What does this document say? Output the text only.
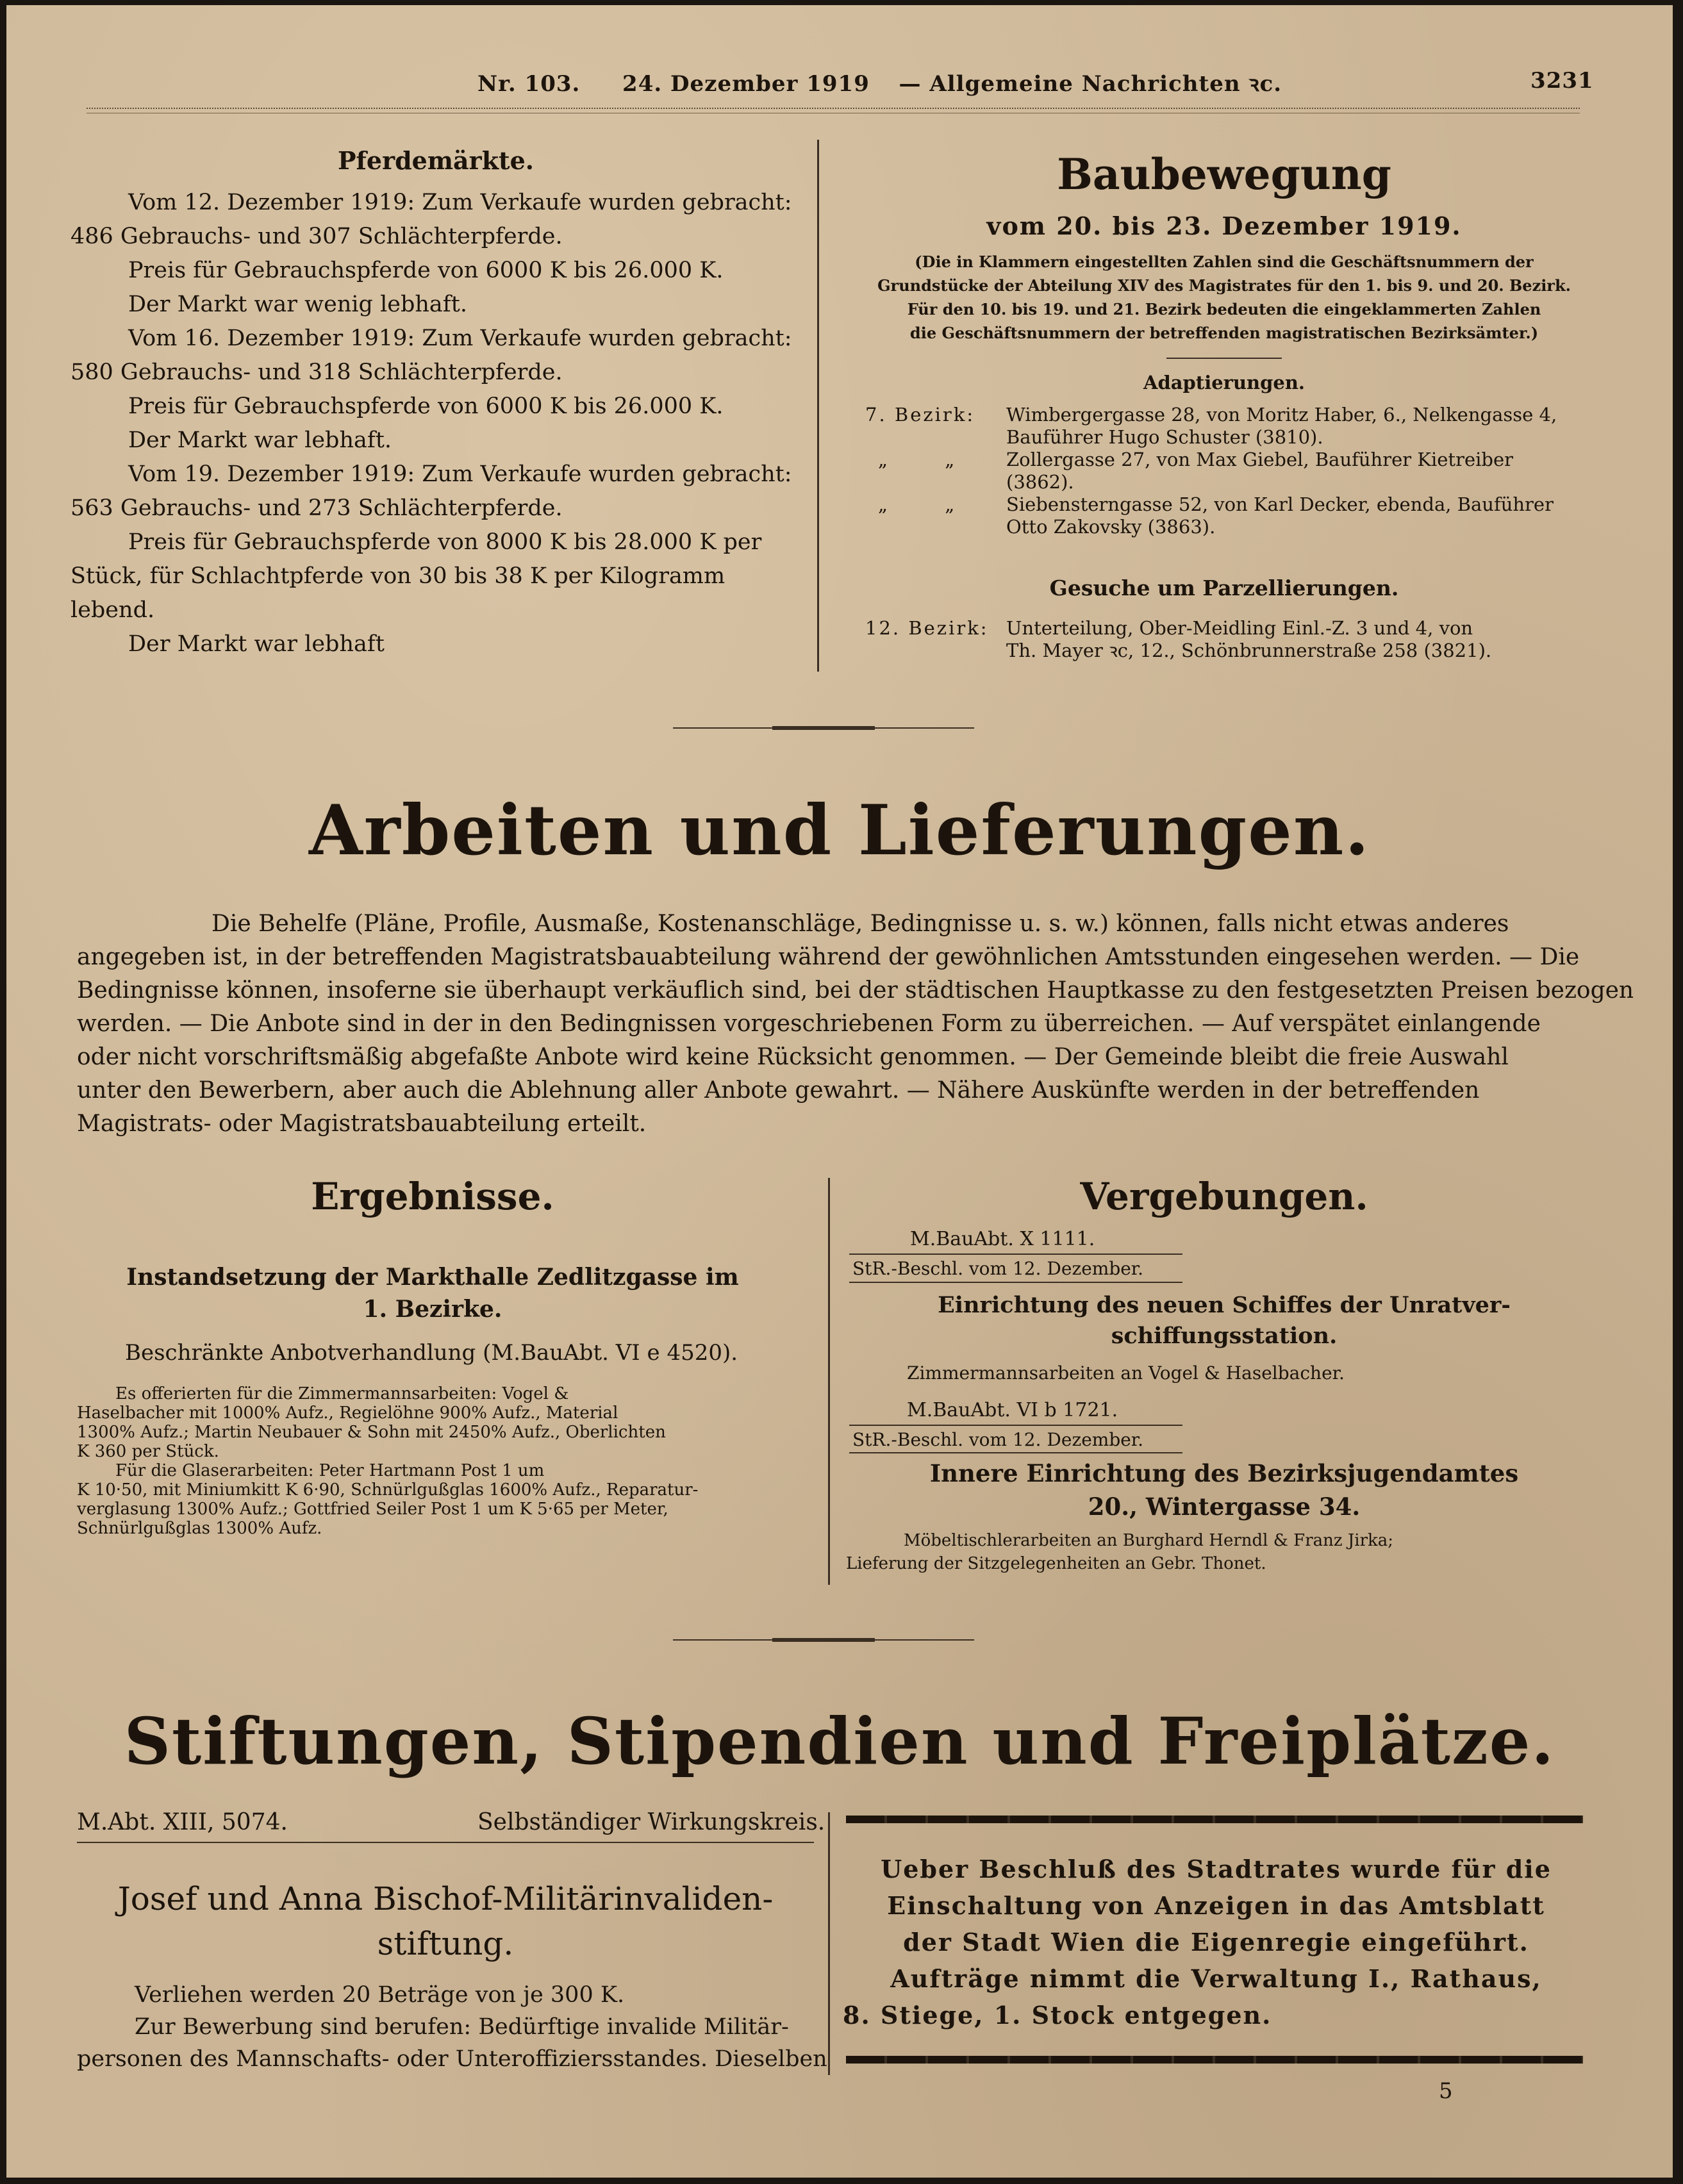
Nr. 103. 24. Dezember 1919 — Allgemeine Nachrichten ꝛc.	3231
Pferdemärkte.
Vom 12. Dezember 1919: Zum Verkaufe wurden gebracht:
486 Gebrauchs- und 307 Schlächterpferde.
Preis für Gebrauchspferde von 6000 K bis 26.000 K.
Der Markt war wenig lebhaft.
Vom 16. Dezember 1919: Zum Verkaufe wurden gebracht:
580 Gebrauchs- und 318 Schlächterpferde.
Preis für Gebrauchspferde von 6000 K bis 26.000 K.
Der Markt war lebhaft.
Vom 19. Dezember 1919: Zum Verkaufe wurden gebracht:
563 Gebrauchs- und 273 Schlächterpferde.
Preis für Gebrauchspferde von 8000 K bis 28.000 K per
Stück, für Schlachtpferde von 30 bis 38 K per Kilogramm
lebend.
Der Markt war lebhaft
Baubewegung
vom 20. bis 23. Dezember 1919.
(Die in Klammern eingestellten Zahlen sind die Geschäftsnummern der
Grundstücke der Abteilung XIV des Magistrates für den 1. bis 9. und 20. Bezirk.
Für den 10. bis 19. und 21. Bezirk bedeuten die eingeklammerten Zahlen
die Geschäftsnummern der betreffenden magistratischen Bezirksämter.)
Adaptierungen.
7. Bezirk:	Wimbergergasse 28, von Moritz Haber, 6., Nelkengasse 4,
Bauführer Hugo Schuster (3810).
„ „	Zollergasse 27, von Max Giebel, Bauführer Kietreiber
(3862).
„ „	Siebensterngasse 52, von Karl Decker, ebenda, Bauführer
Otto Zakovsky (3863).
Gesuche um Parzellierungen.
12. Bezirk: Unterteilung, Ober-Meidling Einl.-Z. 3 und 4, von
Th. Mayer ꝛc, 12., Schönbrunnerstraße 258 (3821).
Arbeiten und Lieferungen.
Die Behelfe (Pläne, Profile, Ausmaße, Kostenanschläge, Bedingnisse u. s. w.) können, falls nicht etwas anderes
angegeben ist, in der betreffenden Magistratsbauabteilung während der gewöhnlichen Amtsstunden eingesehen werden. — Die
Bedingnisse können, insoferne sie überhaupt verkäuflich sind, bei der städtischen Hauptkasse zu den festgesetzten Preisen bezogen
werden. — Die Anbote sind in der in den Bedingnissen vorgeschriebenen Form zu überreichen. — Auf verspätet einlangende
oder nicht vorschriftsmäßig abgefaßte Anbote wird keine Rücksicht genommen. — Der Gemeinde bleibt die freie Auswahl
unter den Bewerbern, aber auch die Ablehnung aller Anbote gewahrt. — Nähere Auskünfte werden in der betreffenden
Magistrats- oder Magistratsbauabteilung erteilt.
Ergebnisse.
Instandsetzung der Markthalle Zedlitzgasse im
1. Bezirke.
Beschränkte Anbotverhandlung (M.BauAbt. VI e 4520).
Es offerierten für die Zimmermannsarbeiten: Vogel &
Haselbacher mit 1000% Aufz., Regielöhne 900% Aufz., Material
1300% Aufz.; Martin Neubauer & Sohn mit 2450% Aufz., Oberlichten
K 360 per Stück.
Für die Glaserarbeiten: Peter Hartmann Post 1 um
K 10·50, mit Miniumkitt K 6·90, Schnürlgußglas 1600% Aufz., Reparatur-
verglasung 1300% Aufz.; Gottfried Seiler Post 1 um K 5·65 per Meter,
Schnürlgußglas 1300% Aufz.
Vergebungen.
M.BauAbt. X 1111.
StR.-Beschl. vom 12. Dezember.
Einrichtung des neuen Schiffes der Unratver-
schiffungsstation.
Zimmermannsarbeiten an Vogel & Haselbacher.
M.BauAbt. VI b 1721.
StR.-Beschl. vom 12. Dezember.
Innere Einrichtung des Bezirksjugendamtes
20., Wintergasse 34.
Möbeltischlerarbeiten an Burghard Herndl & Franz Jirka;
Lieferung der Sitzgelegenheiten an Gebr. Thonet.
Stiftungen, Stipendien und Freiplätze.
M.Abt. XIII, 5074.	Selbständiger Wirkungskreis.
Josef und Anna Bischof-Militärinvaliden-
stiftung.
Verliehen werden 20 Beträge von je 300 K.
Zur Bewerbung sind berufen: Bedürftige invalide Militär-
personen des Mannschafts- oder Unteroffiziersstandes. Dieselben
Ueber Beschluß des Stadtrates wurde für die
Einschaltung von Anzeigen in das Amtsblatt
der Stadt Wien die Eigenregie eingeführt.
Aufträge nimmt die Verwaltung I., Rathaus,
8. Stiege, 1. Stock entgegen.
5
